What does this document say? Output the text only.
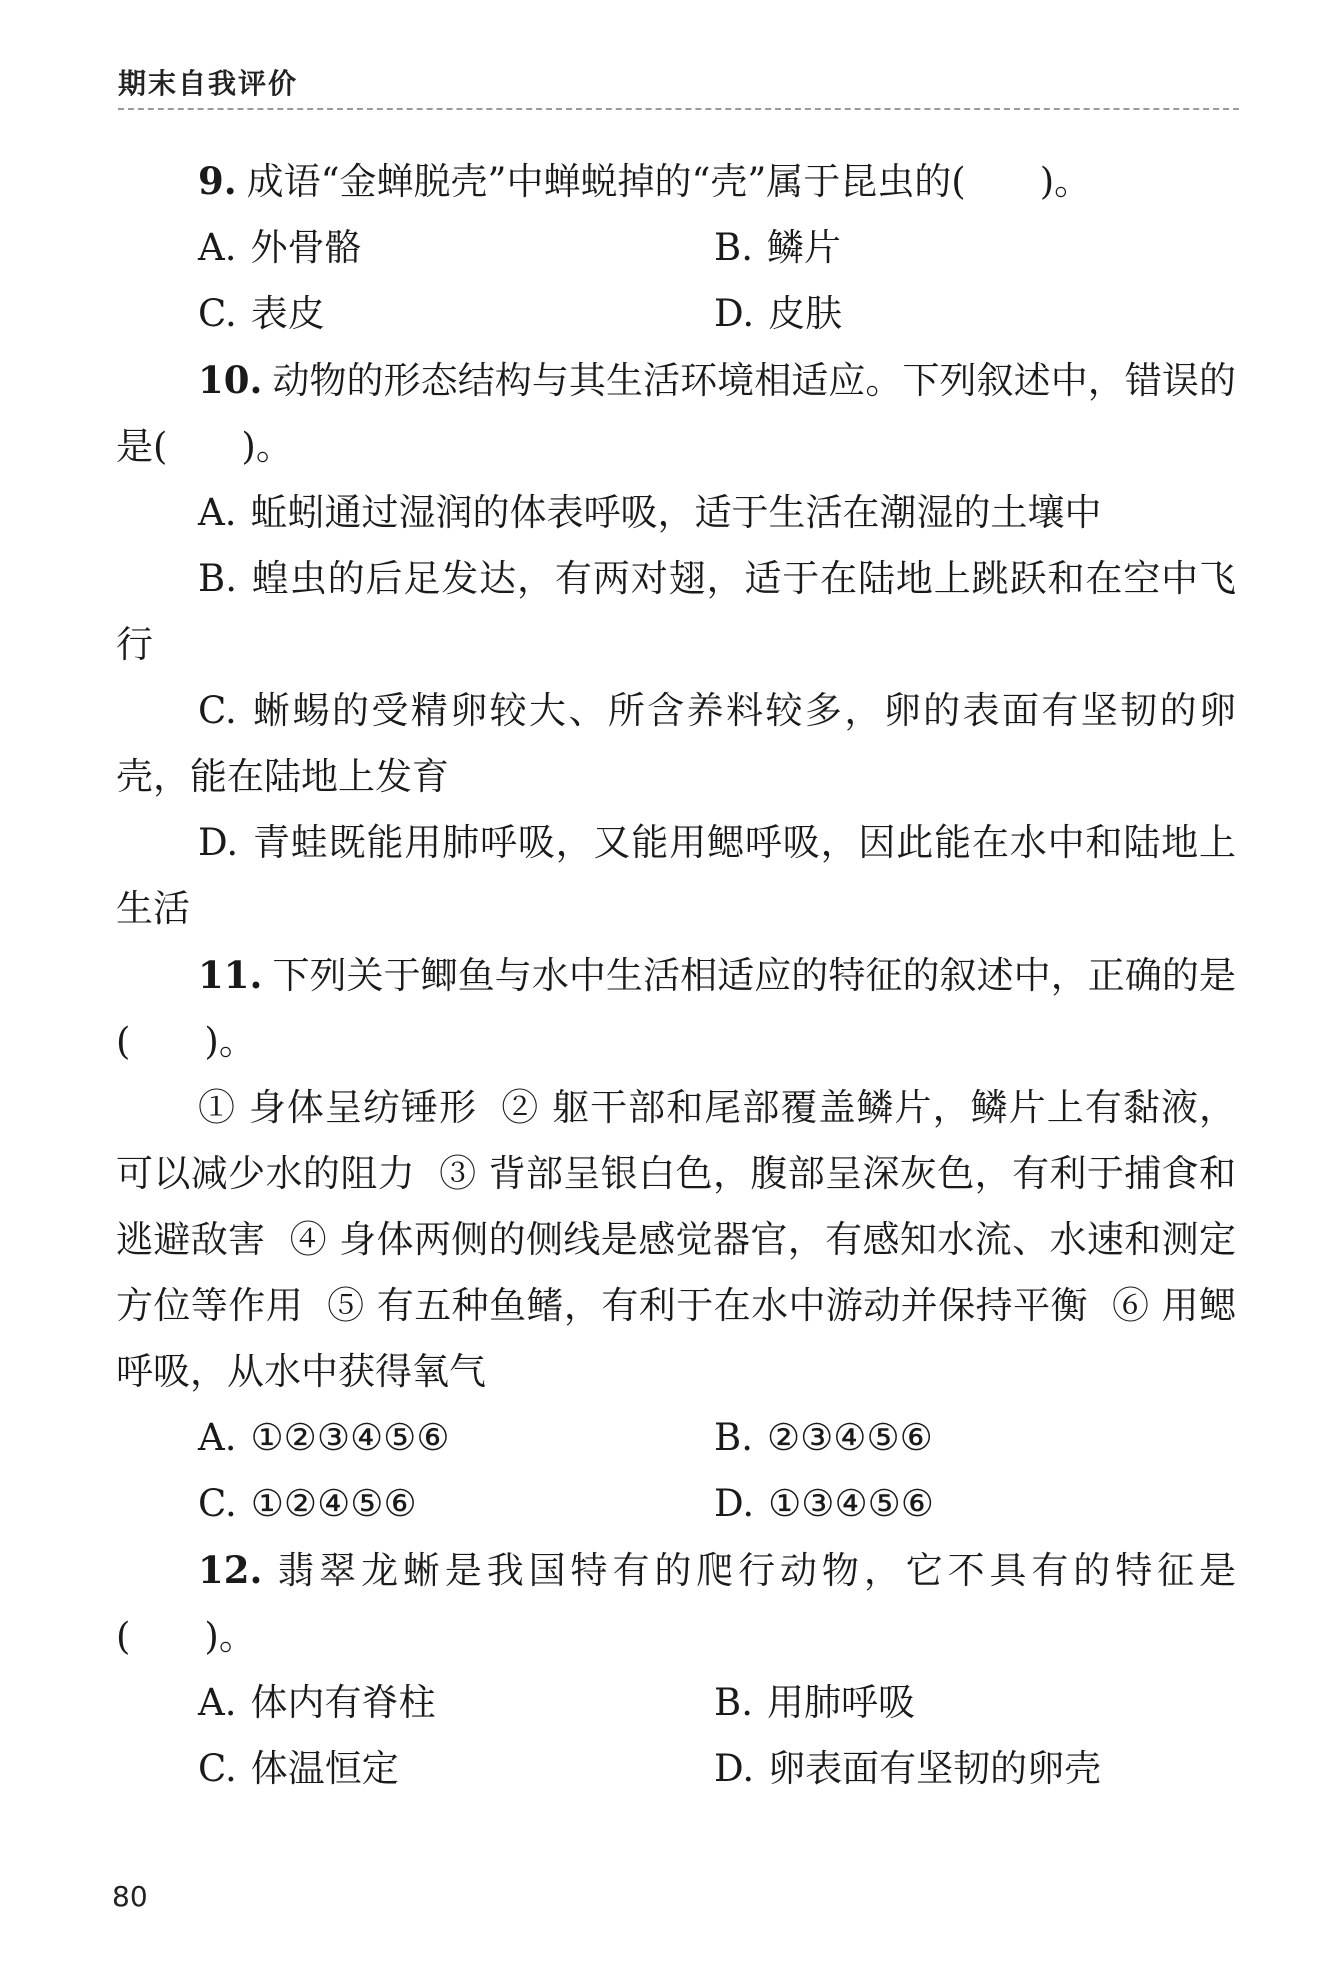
期末自我评价

9. 成语“金蝉脱壳”中蝉蜕掉的“壳”属于昆虫的(　　)。

A. 外骨骼	B. 鳞片
C. 表皮	D. 皮肤

10. 动物的形态结构与其生活环境相适应。下列叙述中，错误的是(　　)。

A. 蚯蚓通过湿润的体表呼吸，适于生活在潮湿的土壤中

B. 蝗虫的后足发达，有两对翅，适于在陆地上跳跃和在空中飞行

C. 蜥蜴的受精卵较大、所含养料较多，卵的表面有坚韧的卵壳，能在陆地上发育

D. 青蛙既能用肺呼吸，又能用鳃呼吸，因此能在水中和陆地上生活

11. 下列关于鲫鱼与水中生活相适应的特征的叙述中，正确的是(　　)。

① 身体呈纺锤形 ② 躯干部和尾部覆盖鳞片，鳞片上有黏液，可以减少水的阻力 ③ 背部呈银白色，腹部呈深灰色，有利于捕食和逃避敌害 ④ 身体两侧的侧线是感觉器官，有感知水流、水速和测定方位等作用 ⑤ 有五种鱼鳍，有利于在水中游动并保持平衡 ⑥ 用鳃呼吸，从水中获得氧气

A. ①②③④⑤⑥	B. ②③④⑤⑥
C. ①②④⑤⑥	D. ①③④⑤⑥

12. 翡翠龙蜥是我国特有的爬行动物，它不具有的特征是(　　)。

A. 体内有脊柱	B. 用肺呼吸
C. 体温恒定	D. 卵表面有坚韧的卵壳
80
